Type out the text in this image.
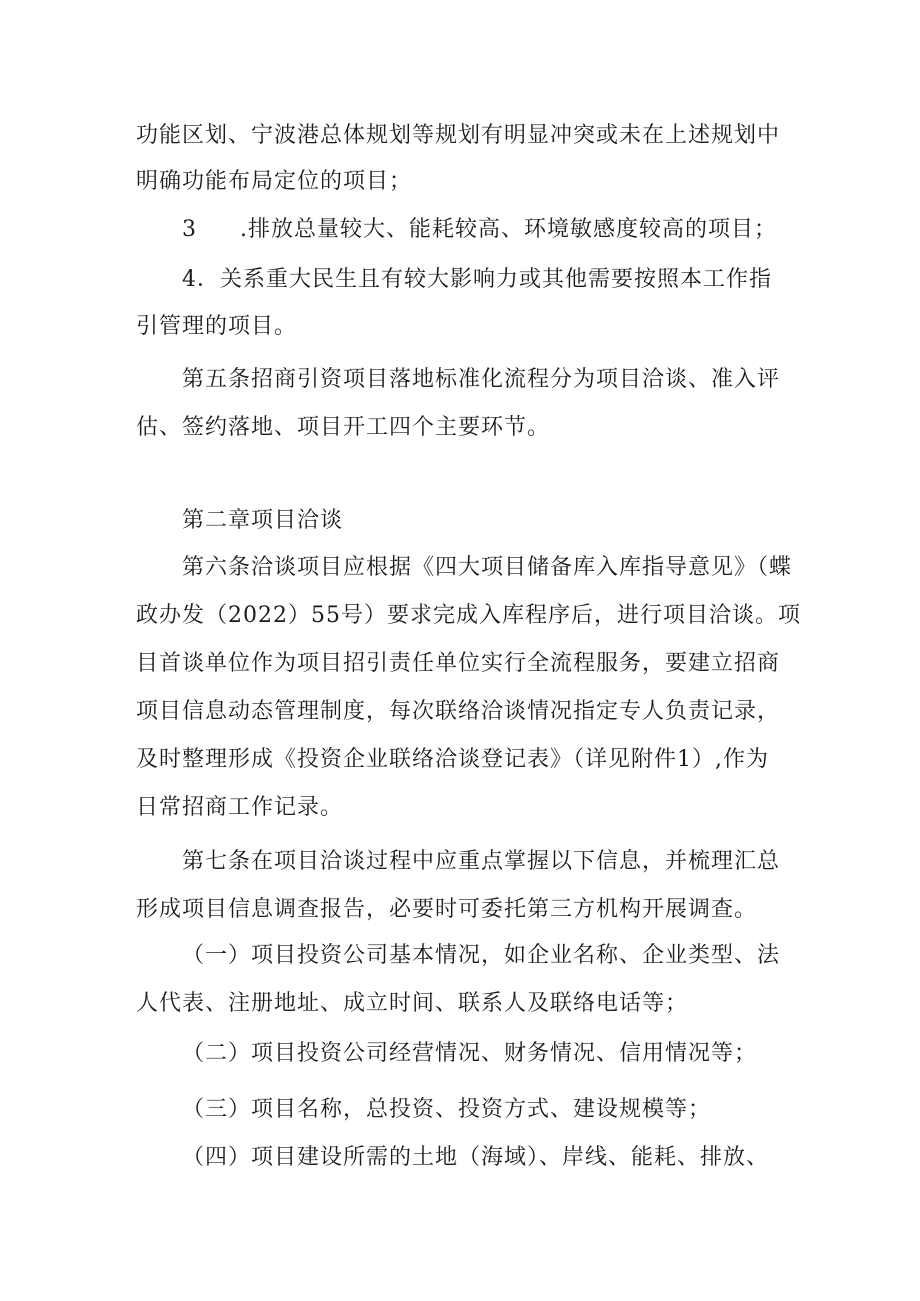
功能区划、宁波港总体规划等规划有明显冲突或未在上述规划中
明确功能布局定位的项目；
3 .排放总量较大、能耗较高、环境敏感度较高的项目；
4．关系重大民生且有较大影响力或其他需要按照本工作指
引管理的项目。
第五条招商引资项目落地标准化流程分为项目洽谈、准入评
估、签约落地、项目开工四个主要环节。
第二章项目洽谈
第六条洽谈项目应根据《四大项目储备库入库指导意见》（蝶
政办发（2022）55号）要求完成入库程序后，进行项目洽谈。项
目首谈单位作为项目招引责任单位实行全流程服务，要建立招商
项目信息动态管理制度，每次联络洽谈情况指定专人负责记录，
及时整理形成《投资企业联络洽谈登记表》（详见附件1）,作为
日常招商工作记录。
第七条在项目洽谈过程中应重点掌握以下信息，并梳理汇总
形成项目信息调查报告，必要时可委托第三方机构开展调查。
（一）项目投资公司基本情况，如企业名称、企业类型、法
人代表、注册地址、成立时间、联系人及联络电话等；
（二）项目投资公司经营情况、财务情况、信用情况等；
（三）项目名称，总投资、投资方式、建设规模等；
（四）项目建设所需的土地（海域）、岸线、能耗、排放、
